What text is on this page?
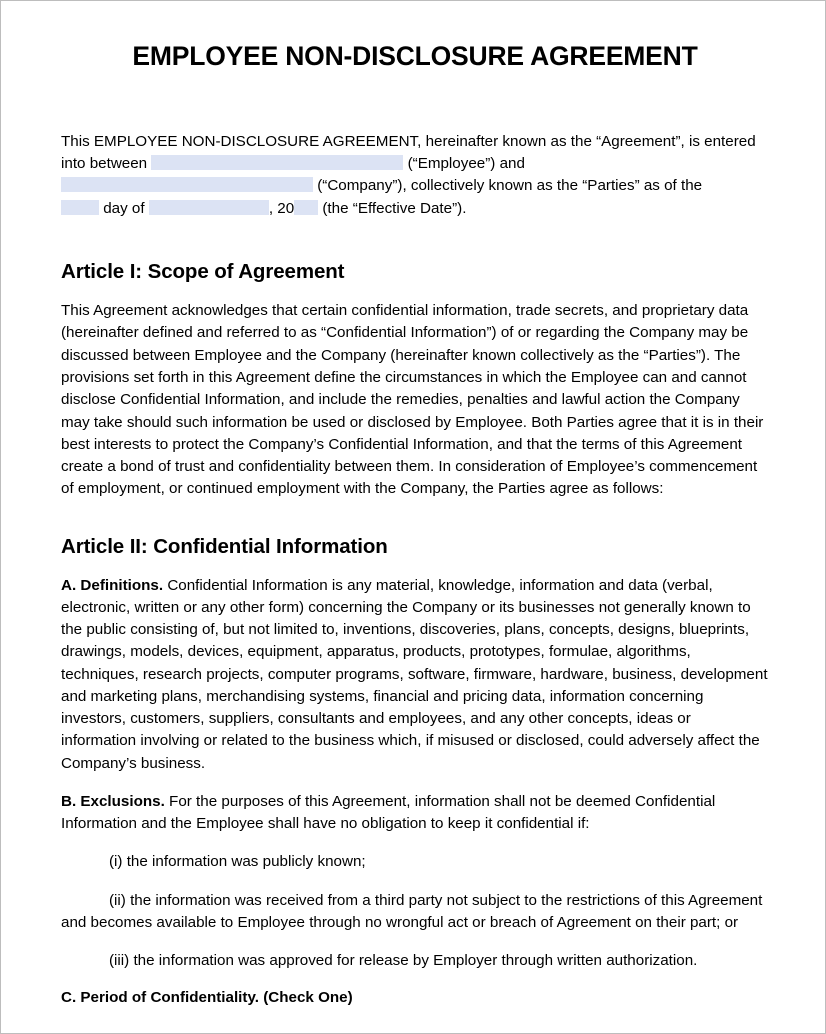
EMPLOYEE NON-DISCLOSURE AGREEMENT

This EMPLOYEE NON-DISCLOSURE AGREEMENT, hereinafter known as the “Agreement”, is entered into between	(“Employee”) and
(“Company”), collectively known as the “Parties” as of the
day of	, 20 (the “Effective Date”).

Article I: Scope of Agreement

This Agreement acknowledges that certain confidential information, trade secrets, and proprietary data (hereinafter defined and referred to as “Confidential Information”) of or regarding the Company may be discussed between Employee and the Company (hereinafter known collectively as the “Parties”). The provisions set forth in this Agreement define the circumstances in which the Employee can and cannot disclose Confidential Information, and include the remedies, penalties and lawful action the Company may take should such information be used or disclosed by Employee. Both Parties agree that it is in their best interests to protect the Company’s Confidential Information, and that the terms of this Agreement create a bond of trust and confidentiality between them. In consideration of Employee’s commencement of employment, or continued employment with the Company, the Parties agree as follows:

Article II: Confidential Information

A. Definitions. Confidential Information is any material, knowledge, information and data (verbal, electronic, written or any other form) concerning the Company or its businesses not generally known to the public consisting of, but not limited to, inventions, discoveries, plans, concepts, designs, blueprints, drawings, models, devices, equipment, apparatus, products, prototypes, formulae, algorithms, techniques, research projects, computer programs, software, firmware, hardware, business, development and marketing plans, merchandising systems, financial and pricing data, information concerning investors, customers, suppliers, consultants and employees, and any other concepts, ideas or information involving or related to the business which, if misused or disclosed, could adversely affect the Company’s business.

B. Exclusions. For the purposes of this Agreement, information shall not be deemed Confidential Information and the Employee shall have no obligation to keep it confidential if:

(i) the information was publicly known;

(ii) the information was received from a third party not subject to the restrictions of this Agreement and becomes available to Employee through no wrongful act or breach of Agreement on their part; or

(iii) the information was approved for release by Employer through written authorization.

C. Period of Confidentiality. (Check One)
